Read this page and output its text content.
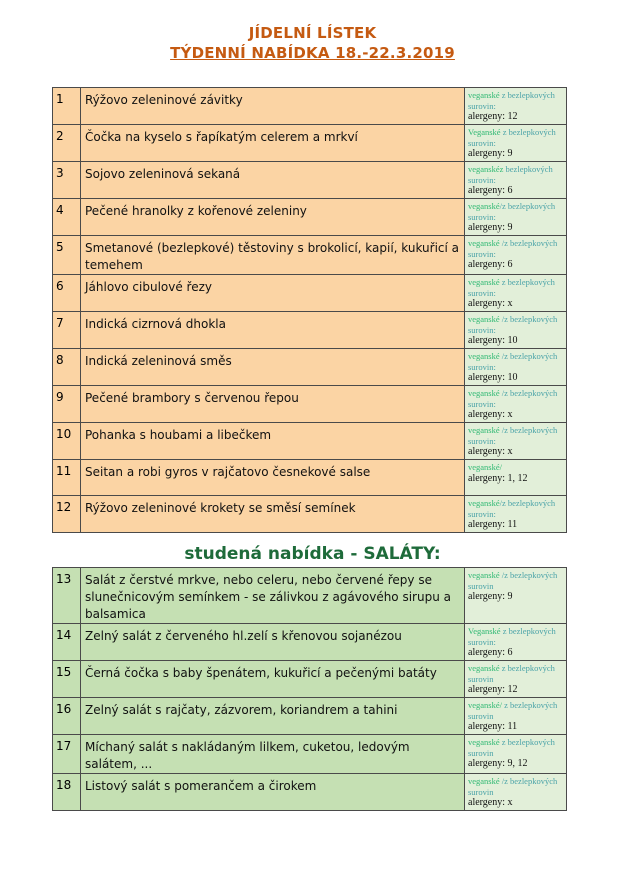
JÍDELNÍ LÍSTEK
TÝDENNÍ NABÍDKA 18.-22.3.2019
1	Rýžovo zeleninové závitky	veganské z bezlepkových surovin:
alergeny: 12

2	Čočka na kyselo s řapíkatým celerem a mrkví	Veganské z bezlepkových surovin:
alergeny: 9

3	Sojovo zeleninová sekaná	veganskéz bezlepkových surovin:
alergeny: 6

4	Pečené hranolky z kořenové zeleniny	veganské/z bezlepkových surovin:
alergeny: 9

5	Smetanové (bezlepkové) těstoviny s brokolicí, kapií, kukuřicí a temehem	veganské /z bezlepkových surovin:
alergeny: 6

6	Jáhlovo cibulové řezy	veganské z bezlepkových surovin:
alergeny: x

7	Indická cizrnová dhokla	veganské /z bezlepkových surovin:
alergeny: 10

8	Indická zeleninová směs	veganské /z bezlepkových surovin:
alergeny: 10

9	Pečené brambory s červenou řepou	veganské /z bezlepkových surovin:
alergeny: x

10	Pohanka s houbami a libečkem	veganské /z bezlepkových surovin:
alergeny: x

11	Seitan a robi gyros v rajčatovo česnekové salse	veganské/
alergeny: 1, 12

12	Rýžovo zeleninové krokety se směsí semínek	veganské/z bezlepkových surovin:
alergeny: 11
studená nabídka - SALÁTY:
13	Salát z čerstvé mrkve, nebo celeru, nebo červené řepy se slunečnicovým semínkem - se zálivkou z agávového sirupu a balsamica	veganské /z bezlepkových surovin
alergeny: 9

14	Zelný salát z červeného hl.zelí s křenovou sojanézou	Veganské z bezlepkových surovin:
alergeny: 6

15	Černá čočka s baby špenátem, kukuřicí a pečenými batáty	veganské z bezlepkových surovin
alergeny: 12

16	Zelný salát s rajčaty, zázvorem, koriandrem a tahini	veganské/ z bezlepkových surovin
alergeny: 11

17	Míchaný salát s nakládaným lilkem, cuketou, ledovým salátem, ...	veganské z bezlepkových surovin
alergeny: 9, 12

18	Listový salát s pomerančem a čirokem	veganské /z bezlepkových surovin
alergeny: x
